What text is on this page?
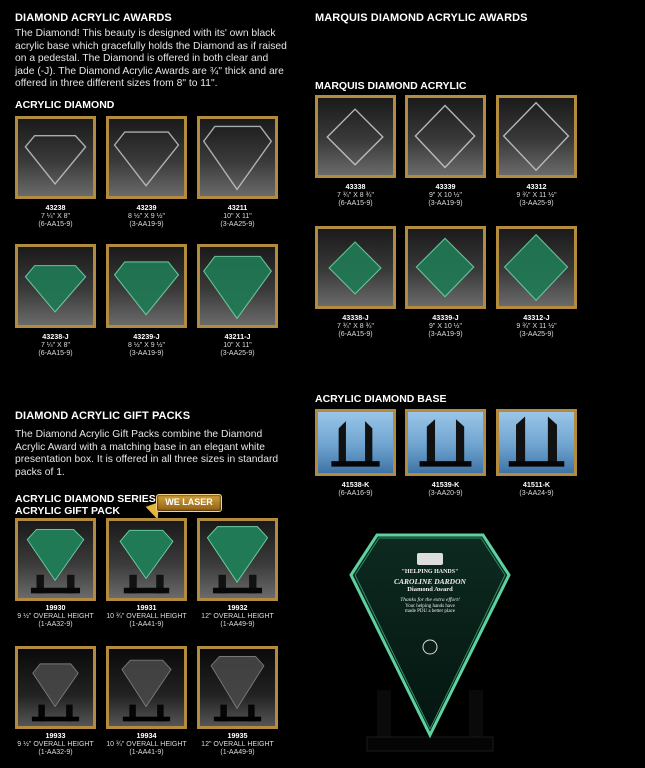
DIAMOND ACRYLIC AWARDS

The Diamond! This beauty is designed with its' own black acrylic base which gracefully holds the Diamond as if raised on a pedestal. The Diamond is offered in both clear and jade (-J). The Diamond Acrylic Awards are ¾" thick and are offered in three different sizes from 8" to 11".

ACRYLIC DIAMOND
43238
7 ¼" X 8"
(6-AA15-9)
43239
8 ½" X 9 ½"
(3-AA19-9)
43211
10" X 11"
(3-AA25-9)
43238-J
7 ¼" X 8"
(6-AA15-9)
43239-J
8 ½" X 9 ½"
(3-AA19-9)
43211-J
10" X 11"
(3-AA25-9)
DIAMOND ACRYLIC GIFT PACKS

The Diamond Acrylic Gift Packs combine the Diamond Acrylic Award with a matching base in an elegant white presentation box. It is offered in all three sizes in standard packs of 1.

ACRYLIC DIAMOND SERIES
ACRYLIC GIFT PACK
WE LASER
19930
9 ½" OVERALL HEIGHT
(1-AA32-9)
19931
10 ¾" OVERALL HEIGHT
(1-AA41-9)
19932
12" OVERALL HEIGHT
(1-AA49-9)
19933
9 ½" OVERALL HEIGHT
(1-AA32-9)
19934
10 ¾" OVERALL HEIGHT
(1-AA41-9)
19935
12" OVERALL HEIGHT
(1-AA49-9)
MARQUIS DIAMOND ACRYLIC AWARDS
MARQUIS DIAMOND ACRYLIC
43338
7 ¾" X 8 ¾"
(6-AA15-9)
43339
9" X 10 ½"
(3-AA19-9)
43312
9 ¾" X 11 ½"
(3-AA25-9)
43338-J
7 ¾" X 8 ¾"
(6-AA15-9)
43339-J
9" X 10 ½"
(3-AA19-9)
43312-J
9 ¾" X 11 ½"
(3-AA25-9)
ACRYLIC DIAMOND BASE
41538-K
(6-AA16-9)
41539-K
(3-AA20-9)
41511-K
(3-AA24-9)
"HELPING HANDS"
CAROLINE DARDON
Diamond Award
Thanks for the extra effort!
Your helping hands have
made PDU a better place
